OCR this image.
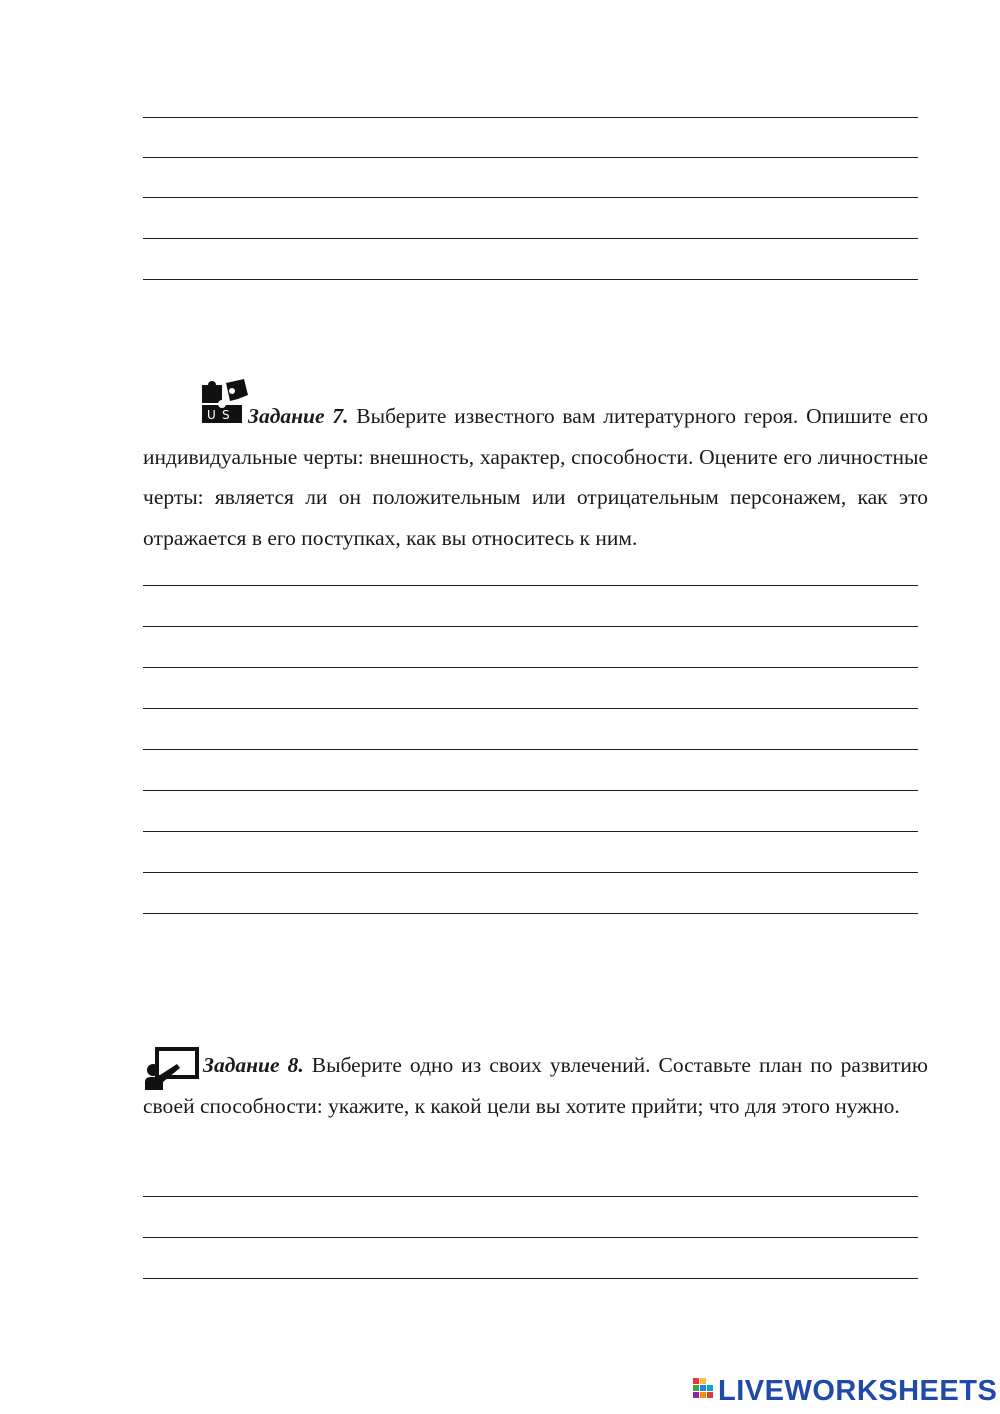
U S Задание 7. Выберите известного вам литературного героя. Опишите его индивидуальные черты: внешность, характер, способности. Оцените его личностные черты: является ли он положительным или отрицательным персонажем, как это отражается в его поступках, как вы относитесь к ним.
Задание 8. Выберите одно из своих увлечений. Составьте план по развитию своей способности: укажите, к какой цели вы хотите прийти; что для этого нужно.
LIVEWORKSHEETS
